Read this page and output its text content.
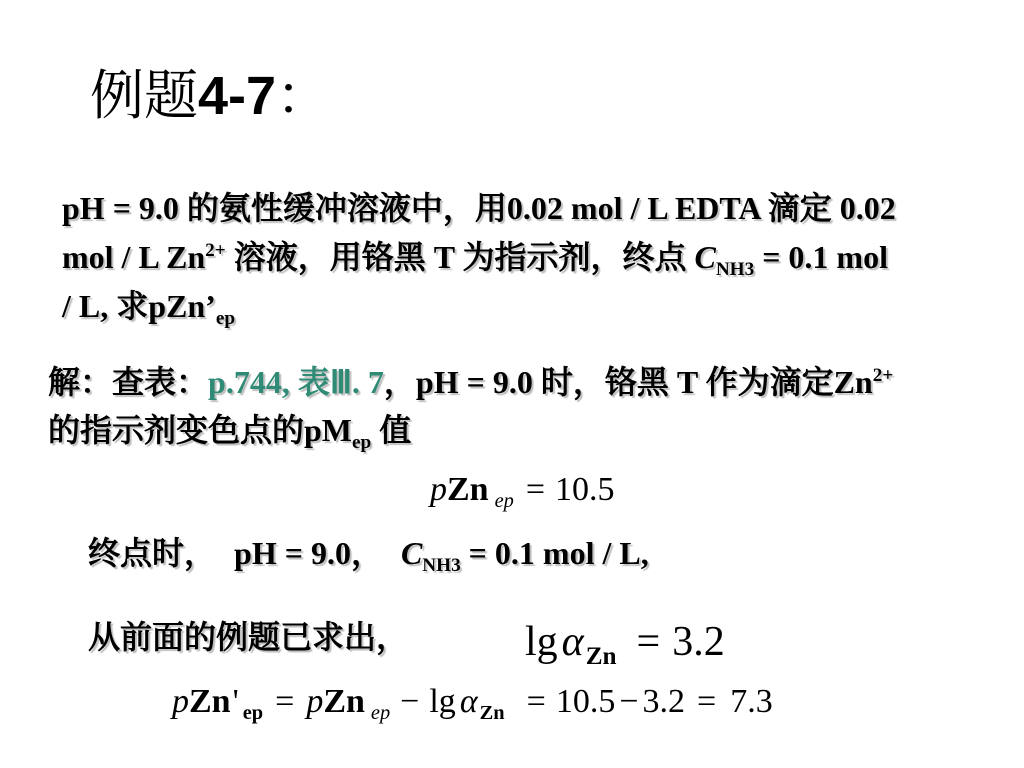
例题4-7：
pH = 9.0 的氨性缓冲溶液中，用0.02 mol / L EDTA 滴定 0.02
mol / L $Zn^{2+}$ 溶液，用铬黑 T 为指示剂，终点 $C_{NH3} = 0.1$ mol
/ L, 求$pZn’_{ep}$
解：查表：p.744, 表Ⅲ. 7，pH = 9.0 时，铬黑 T 作为滴定$Zn^{2+}$
的指示剂变色点的$pM_{ep}$ 值
pZn $_{ep}$ = 10.5
终点时， pH = 9.0， $C_{NH3} = 0.1$ mol / L,
从前面的例题已求出，	lgα$_{Zn}$ = 3.2
pZn' $_{ep}$ = pZn $_{ep} - \lg \alpha_{Zn} = 10.5 - 3.2 = 7.3$
